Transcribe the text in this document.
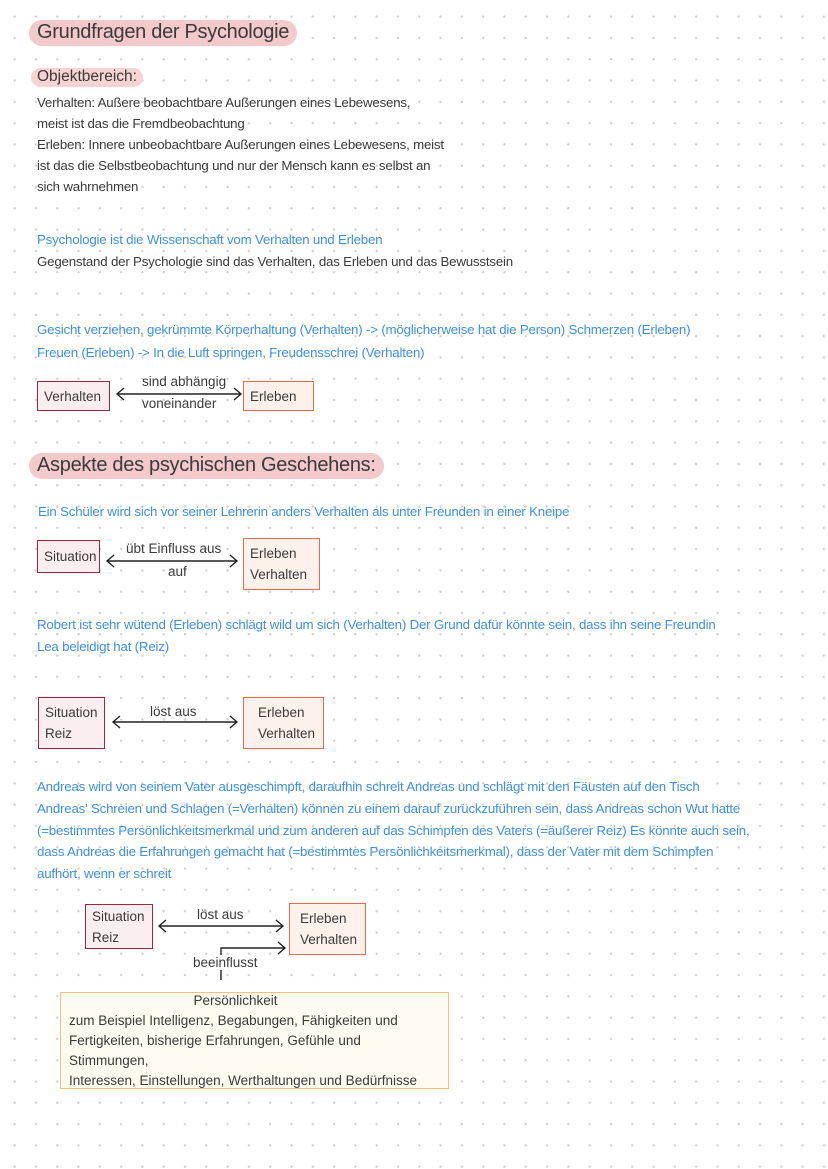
Grundfragen der Psychologie
Objektbereich:
Verhalten: Außere beobachtbare Außerungen eines Lebewesens,
meist ist das die Fremdbeobachtung
Erleben: Innere unbeobachtbare Außerungen eines Lebewesens, meist
ist das die Selbstbeobachtung und nur der Mensch kann es selbst an
sich wahrnehmen
Psychologie ist die Wissenschaft vom Verhalten und Erleben
Gegenstand der Psychologie sind das Verhalten, das Erleben und das Bewusstsein
Gesicht verziehen, gekrümmte Körperhaltung (Verhalten) -> (möglicherweise hat die Person) Schmerzen (Erleben)
Freuen (Erleben) -> In die Luft springen, Freudensschrei (Verhalten)
Verhalten	Erleben
sind abhängig
voneinander
Aspekte des psychischen Geschehens:
Ein Schüler wird sich vor seiner Lehrerin anders Verhalten als unter Freunden in einer Kneipe
Situation	Erleben
Verhalten
übt Einfluss aus
auf
Robert ist sehr wütend (Erleben) schlägt wild um sich (Verhalten) Der Grund dafür könnte sein, dass ihn seine Freundin
Lea beleidigt hat (Reiz)
Situation
Reiz
Erleben
Verhalten
löst aus
Andreas wird von seinem Vater ausgeschimpft, daraufhin schreit Andreas und schlägt mit den Fäusten auf den Tisch
Andreas' Schreien und Schlagen (=Verhalten) können zu einem darauf zurückzuführen sein, dass Andreas schon Wut hatte
(=bestimmtes Persönlichkeitsmerkmal und zum anderen auf das Schimpfen des Vaters (=äußerer Reiz) Es könnte auch sein,
dass Andreas die Erfahrungen gemacht hat (=bestimmtes Persönlichkeitsmerkmal), dass der Vater mit dem Schimpfen
aufhört, wenn er schreit
Situation
Reiz
Erleben
Verhalten
löst aus
beeinflusst
Persönlichkeit
zum Beispiel Intelligenz, Begabungen, Fähigkeiten und
Fertigkeiten, bisherige Erfahrungen, Gefühle und Stimmungen,
Interessen, Einstellungen, Werthaltungen und Bedürfnisse
